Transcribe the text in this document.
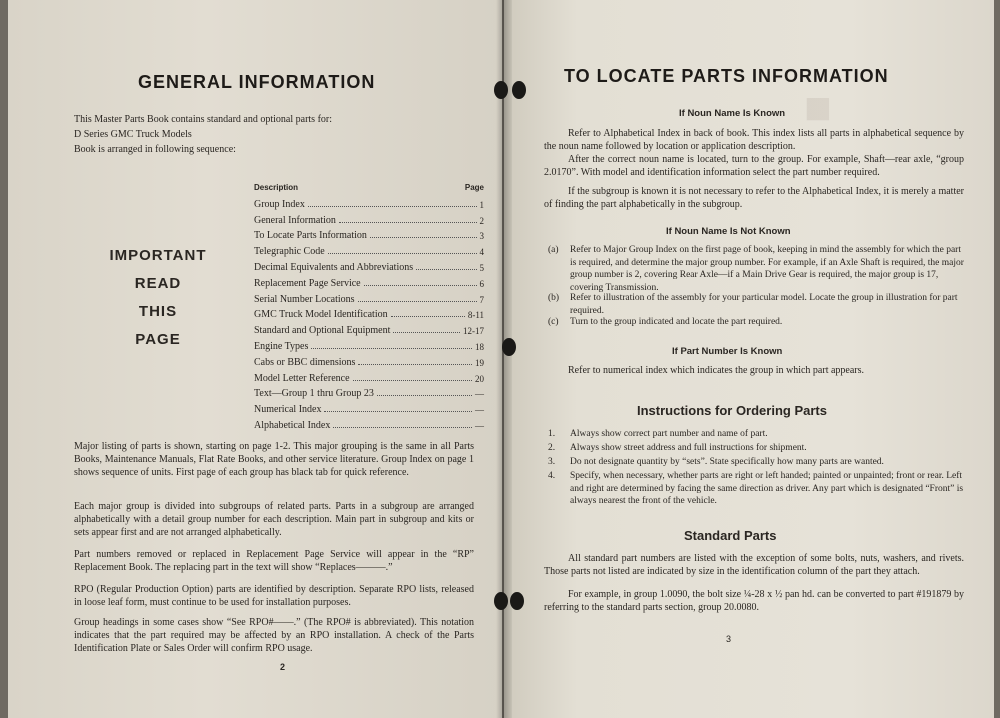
GENERAL INFORMATION
This Master Parts Book contains standard and optional parts for:
D Series GMC Truck Models
Book is arranged in following sequence:
IMPORTANT
READ
THIS
PAGE
Description	Page
Group Index	1
General Information	2
To Locate Parts Information	3
Telegraphic Code	4
Decimal Equivalents and Abbreviations	5
Replacement Page Service	6
Serial Number Locations	7
GMC Truck Model Identification	8-11
Standard and Optional Equipment	12-17
Engine Types	18
Cabs or BBC dimensions	19
Model Letter Reference	20
Text—Group 1 thru Group 23	—
Numerical Index	—
Alphabetical Index	—
Major listing of parts is shown, starting on page 1-2. This major grouping is the same in all Parts Books, Maintenance Manuals, Flat Rate Books, and other service literature. Group Index on page 1 shows sequence of units. First page of each group has black tab for quick reference.
Each major group is divided into subgroups of related parts. Parts in a subgroup are arranged alphabetically with a detail group number for each description. Main part in subgroup and kits or sets appear first and are not arranged alphabetically.
Part numbers removed or replaced in Replacement Page Service will appear in the “RP” Replacement Book. The replacing part in the text will show “Replaces———.”
RPO (Regular Production Option) parts are identified by description. Separate RPO lists, released in loose leaf form, must continue to be used for installation purposes.
Group headings in some cases show “See RPO#——.” (The RPO# is abbreviated). This notation indicates that the part required may be affected by an RPO installation. A check of the Parts Identification Plate or Sales Order will confirm RPO usage.
2
■
TO LOCATE PARTS INFORMATION
If Noun Name Is Known
Refer to Alphabetical Index in back of book. This index lists all parts in alphabetical sequence by the noun name followed by location or application description.
After the correct noun name is located, turn to the group. For example, Shaft—rear axle, “group 2.0170”. With model and identification information select the part number required.
If the subgroup is known it is not necessary to refer to the Alphabetical Index, it is merely a matter of finding the part alphabetically in the subgroup.
If Noun Name Is Not Known
(a)	Refer to Major Group Index on the first page of book, keeping in mind the assembly for which the part is required, and determine the major group number. For example, if an Axle Shaft is required, the major group number is 2, covering Rear Axle—if a Main Drive Gear is required, the major group is 17, covering Transmission.
(b)	Refer to illustration of the assembly for your particular model. Locate the group in illustration for part required.
(c)	Turn to the group indicated and locate the part required.
If Part Number Is Known
Refer to numerical index which indicates the group in which part appears.
Instructions for Ordering Parts
1.	Always show correct part number and name of part.
2.	Always show street address and full instructions for shipment.
3.	Do not designate quantity by “sets”. State specifically how many parts are wanted.
4.	Specify, when necessary, whether parts are right or left handed; painted or unpainted; front or rear. Left and right are determined by facing the same direction as driver. Any part which is designated “Front” is always nearest the front of the vehicle.
Standard Parts
All standard part numbers are listed with the exception of some bolts, nuts, washers, and rivets. Those parts not listed are indicated by size in the identification column of the part they attach.
For example, in group 1.0090, the bolt size ¼-28 x ½ pan hd. can be converted to part #191879 by referring to the standard parts section, group 20.0080.
3
